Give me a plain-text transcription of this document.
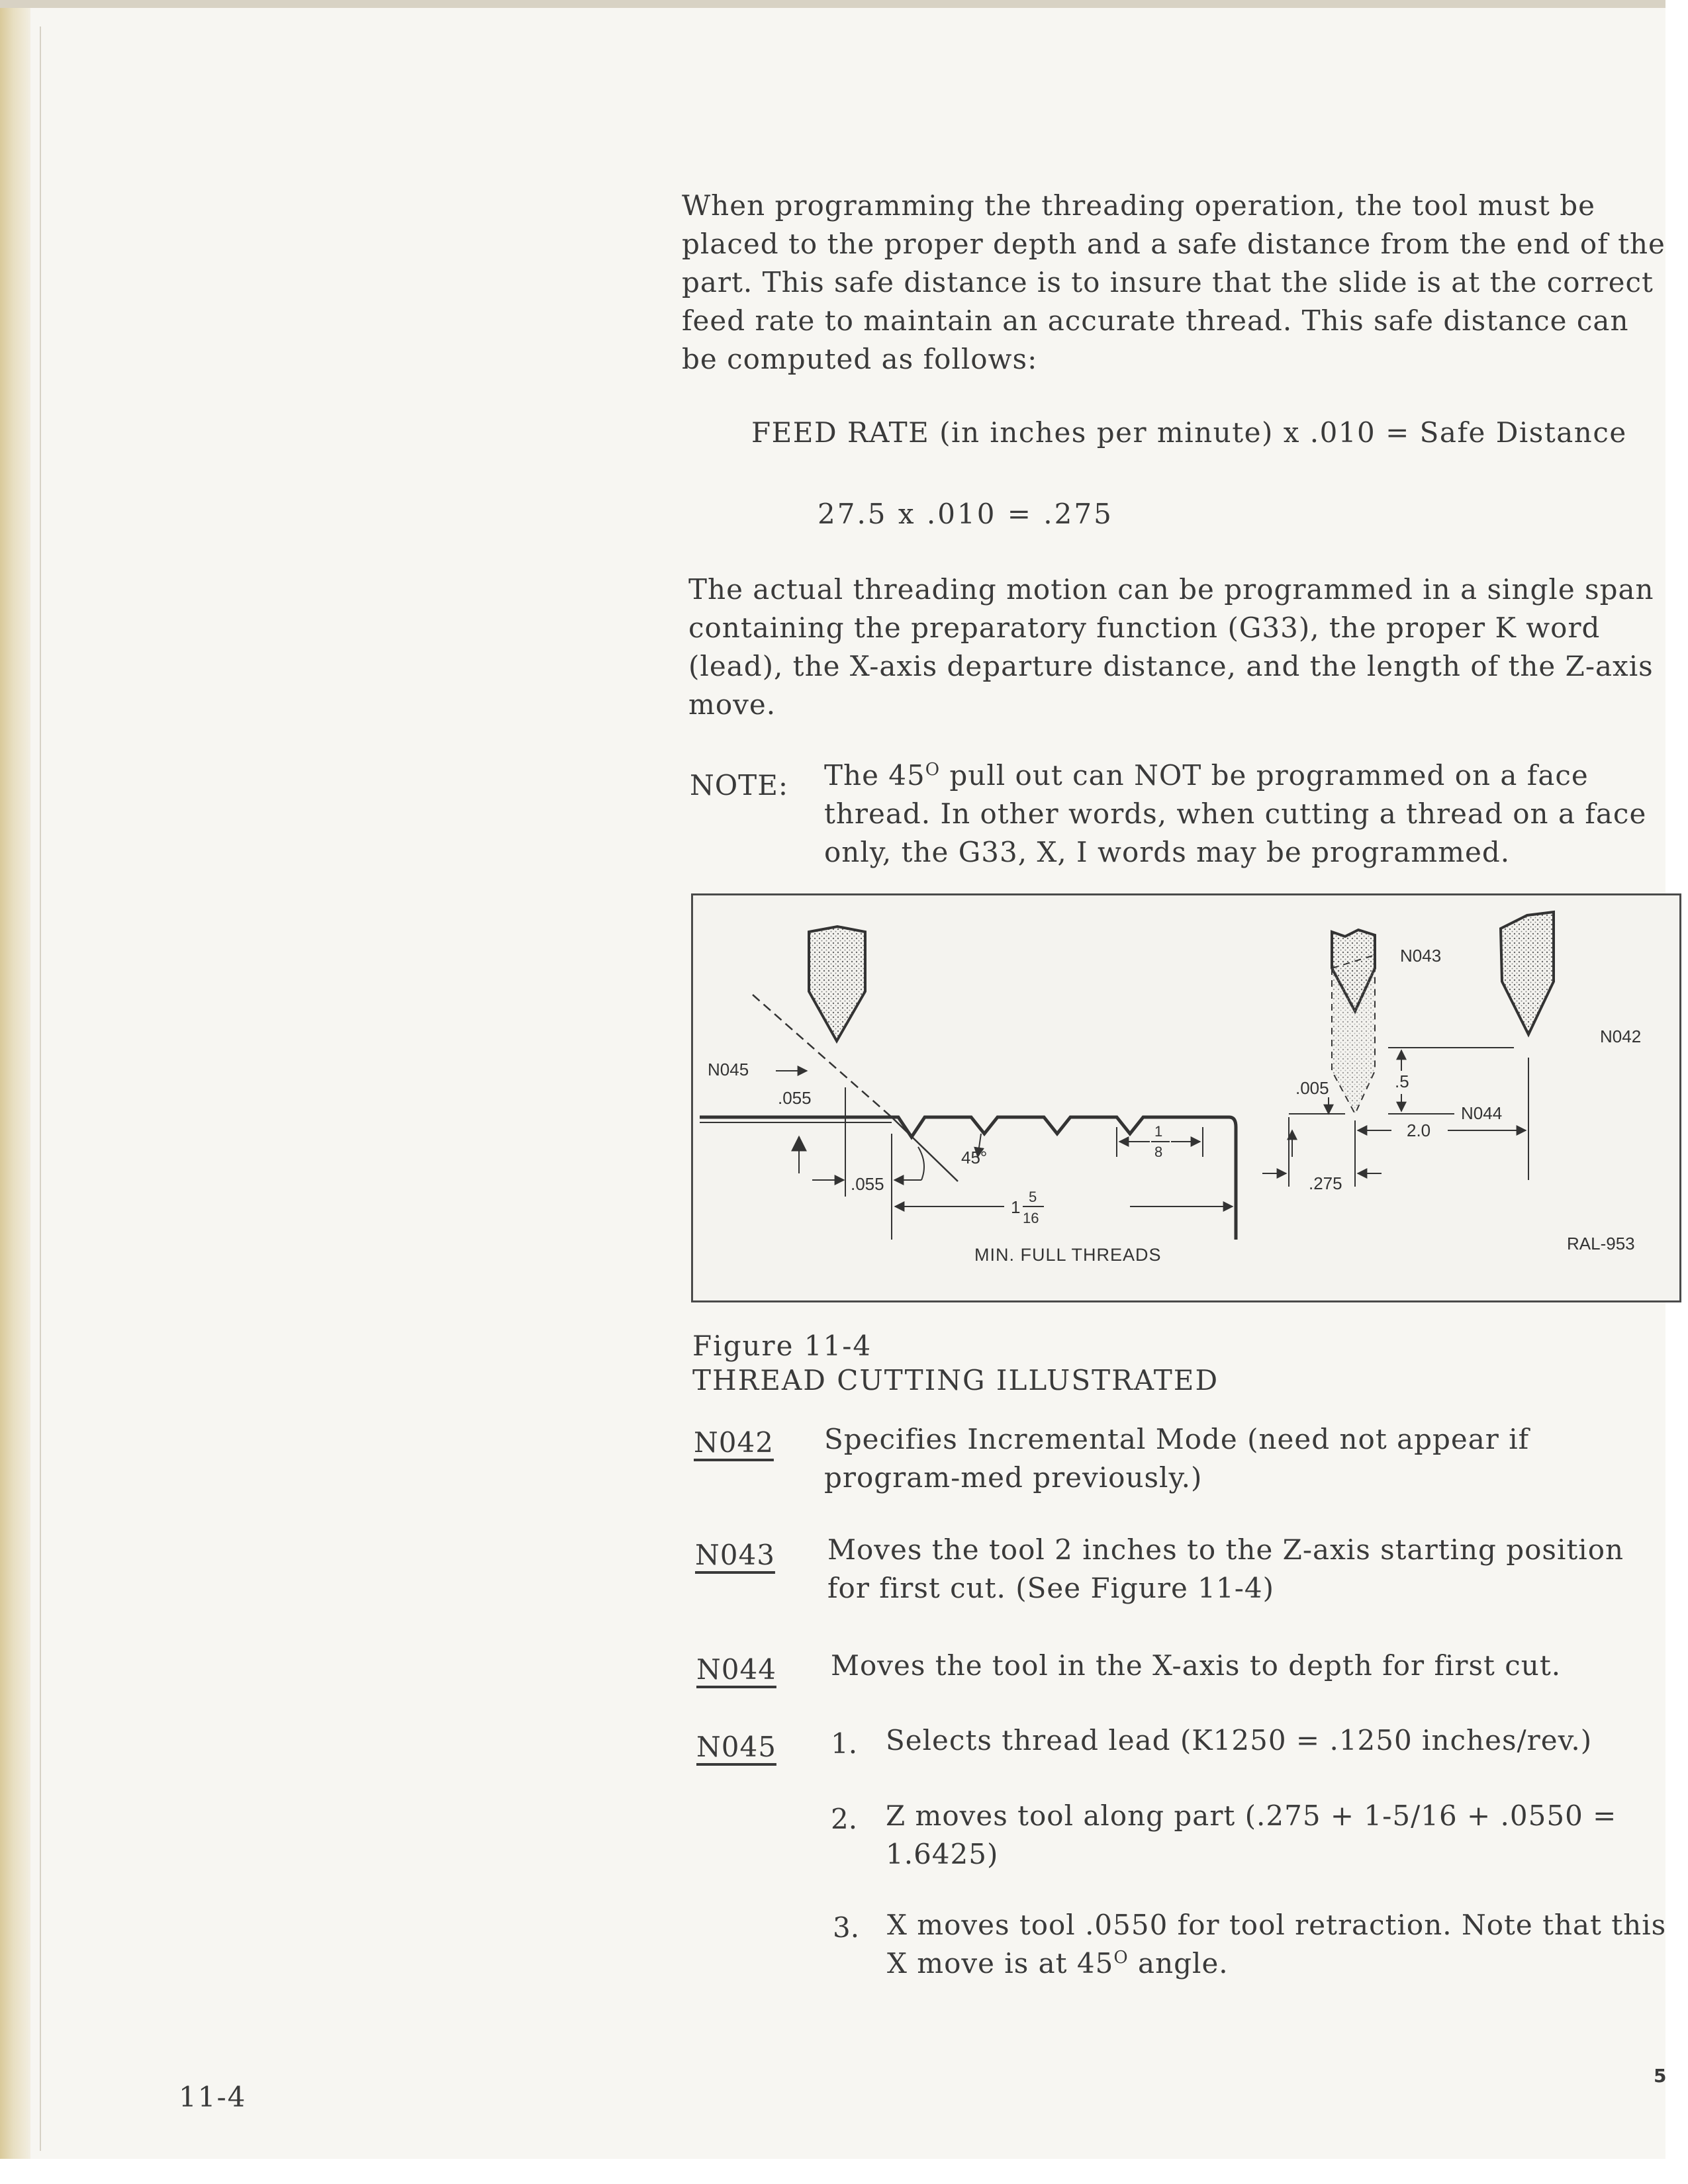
When programming the threading operation, the tool must be placed to the proper depth and a safe distance from the end of the part. This safe distance is to insure that the slide is at the correct feed rate to maintain an accurate thread. This safe distance can be computed as follows:
FEED RATE (in inches per minute) x .010 = Safe Distance
27.5 x .010 = .275
The actual threading motion can be programmed in a single span containing the preparatory function (G33), the proper K word (lead), the X-axis departure distance, and the length of the Z-axis move.
NOTE: The $45^O$ pull out can NOT be programmed on a face thread. In other words, when cutting a thread on a face only, the G33, X, I words may be programmed.
N045
.055
.055
45°
N043
N042
N044
.005	.5
2.0
.275
1
8
1
5
16
MIN. FULL THREADS
RAL-953
Figure 11-4
THREAD CUTTING ILLUSTRATED
N042 Specifies Incremental Mode (need not appear if program-med previously.)
N043 Moves the tool 2 inches to the Z-axis starting position for first cut. (See Figure 11-4)
N044 Moves the tool in the X-axis to depth for first cut.
N045 1. Selects thread lead (K1250 = .1250 inches/rev.)
2. Z moves tool along part (.275 + 1-5/16 + .0550 = 1.6425)
3. X moves tool .0550 for tool retraction. Note that this X move is at $45^O$ angle.
11-4
5
